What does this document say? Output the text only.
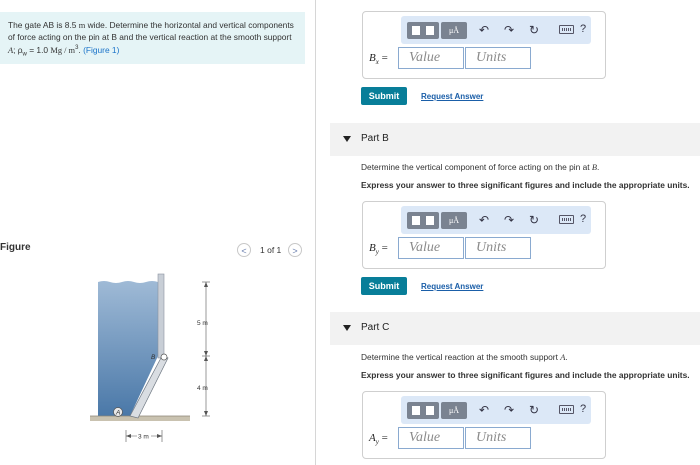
The gate AB is 8.5 m wide. Determine the horizontal and vertical components of force acting on the pin at B and the vertical reaction at the smooth support A; $\rho_w = 1.0$ Mg / $m^3$. (Figure 1)

Figure	<	1 of 1	>
B
A
5 m
4 m
3 m
μÅ	↶ ↷ ↻	?
$B_x$ =	Value	Units
Submit	Request Answer
Part B
Determine the vertical component of force acting on the pin at B.
Express your answer to three significant figures and include the appropriate units.
μÅ	↶ ↷ ↻	?
$B_y$ =	Value	Units
Submit	Request Answer
Part C
Determine the vertical reaction at the smooth support A.
Express your answer to three significant figures and include the appropriate units.
μÅ	↶ ↷ ↻	?
$A_y$ =	Value	Units
